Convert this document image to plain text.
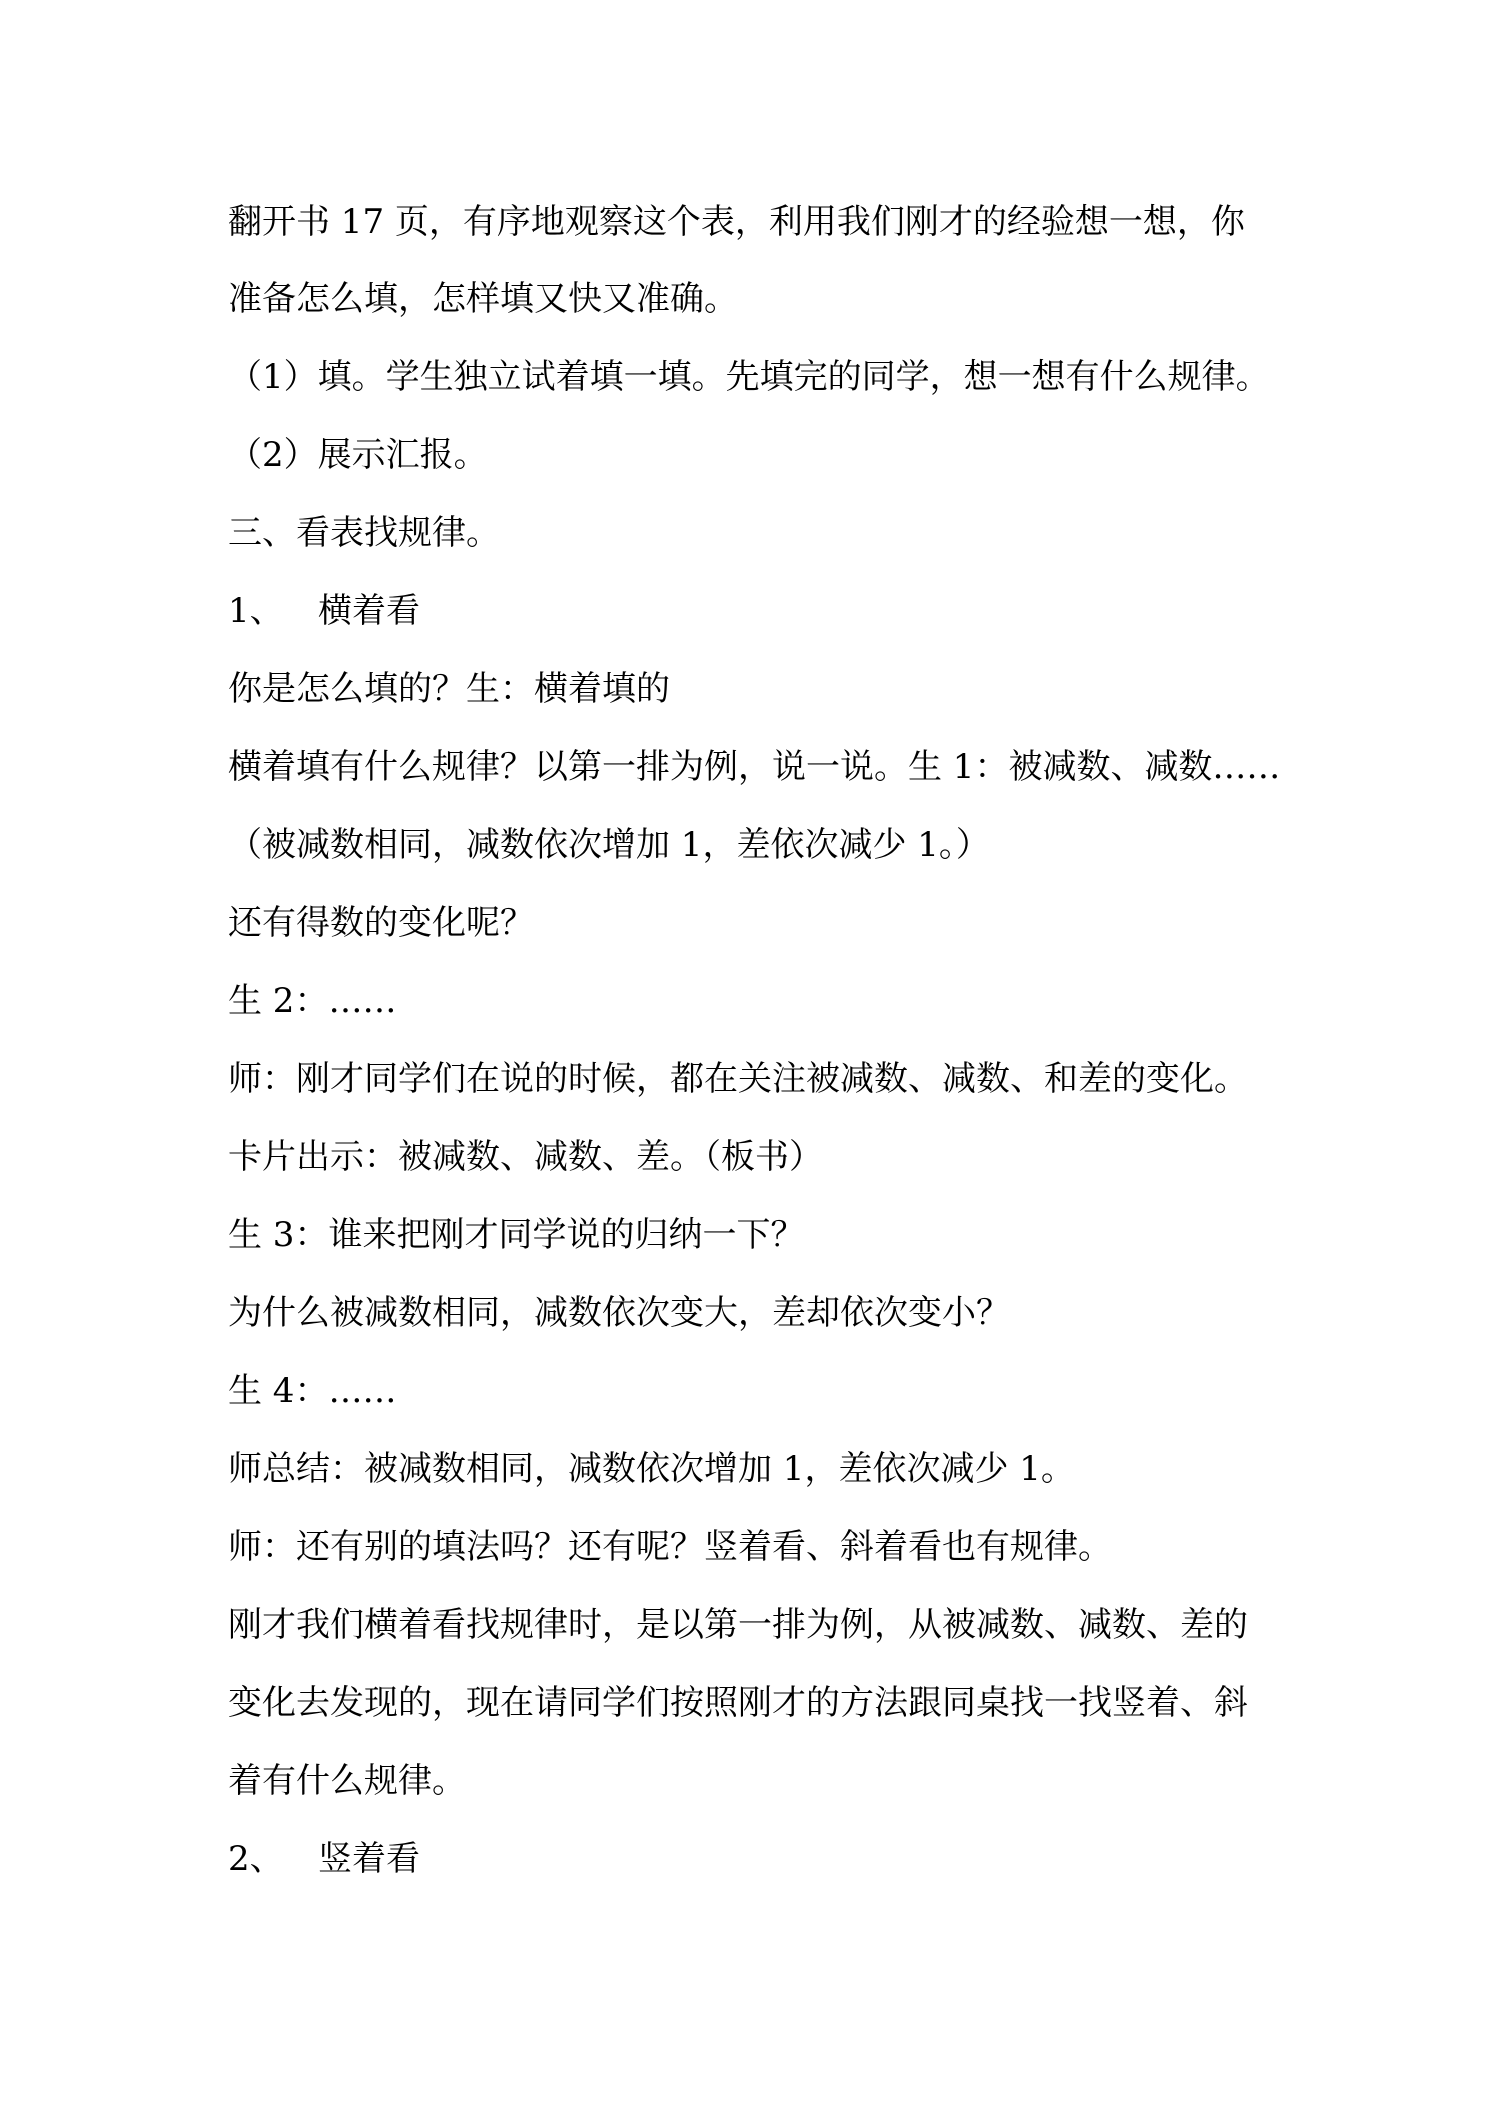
翻开书 17 页，有序地观察这个表，利用我们刚才的经验想一想，你

准备怎么填，怎样填又快又准确。

（1）填。学生独立试着填一填。先填完的同学，想一想有什么规律。

（2）展示汇报。

三、看表找规律。

1、 横着看

你是怎么填的？生：横着填的

横着填有什么规律？以第一排为例，说一说。生 1：被减数、减数……

（被减数相同，减数依次增加 1，差依次减少 1。）

还有得数的变化呢？

生 2：……

师：刚才同学们在说的时候，都在关注被减数、减数、和差的变化。

卡片出示：被减数、减数、差。（板书）

生 3：谁来把刚才同学说的归纳一下？

为什么被减数相同，减数依次变大，差却依次变小？

生 4：……

师总结：被减数相同，减数依次增加 1，差依次减少 1。

师：还有别的填法吗？还有呢？竖着看、斜着看也有规律。

刚才我们横着看找规律时，是以第一排为例，从被减数、减数、差的

变化去发现的，现在请同学们按照刚才的方法跟同桌找一找竖着、斜

着有什么规律。

2、 竖着看
